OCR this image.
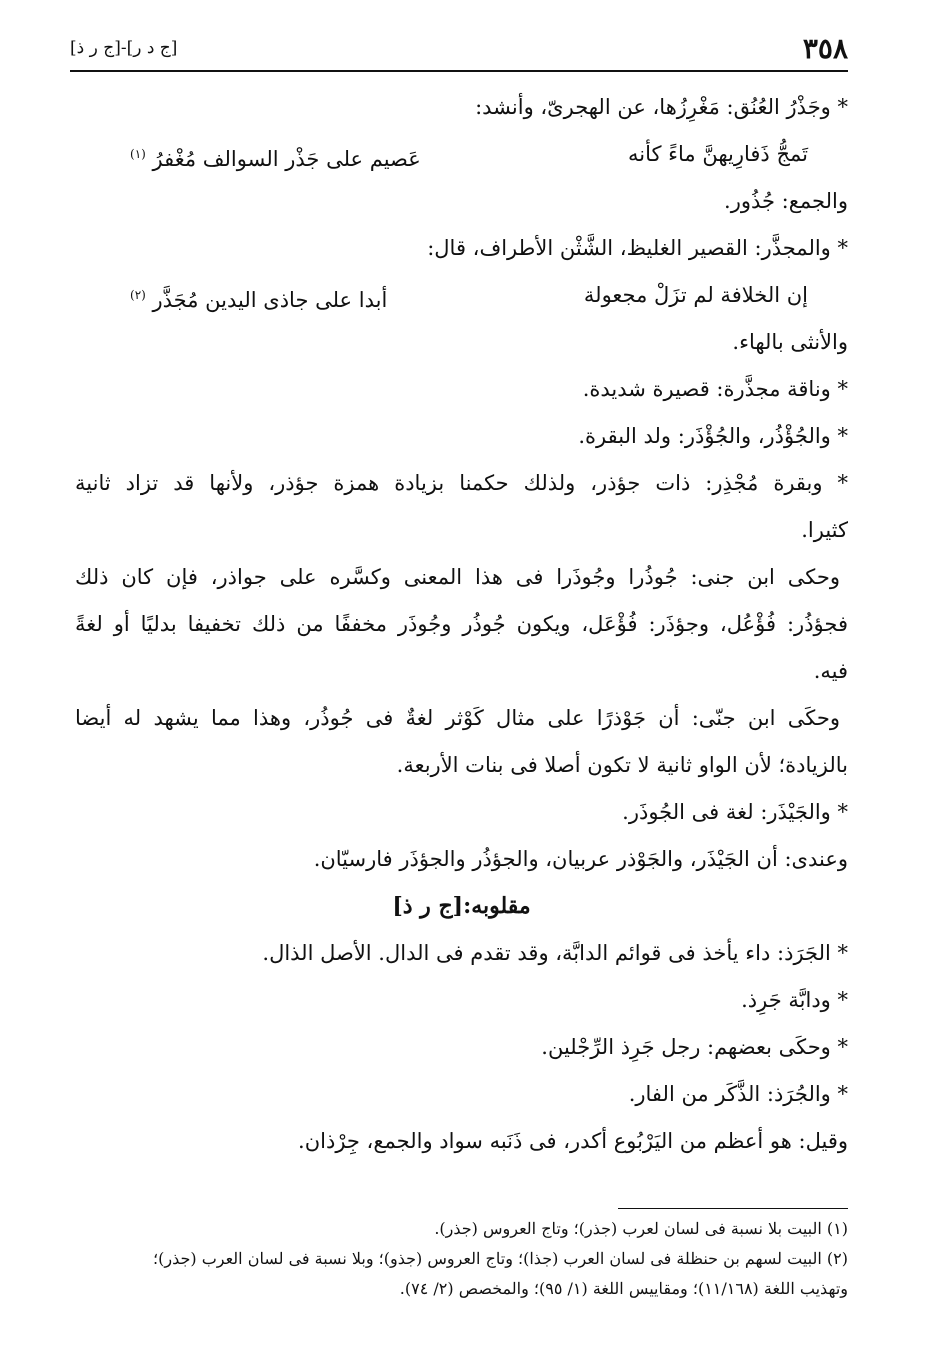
٣٥٨
[ج د ر]-[ج ر ذ]
* وجَذْرُ العُنُق: مَغْرِزُها، عن الهجرىّ، وأنشد:
تَمجُّ ذَفارِيهنَّ ماءً كأنه
عَصيم على جَذْر السوالف مُغْفرُ $^{(١)}$
والجمع: جُذُور.
* والمجذَّر: القصير الغليظ، الشَّثْن الأطراف، قال:
إن الخلافة لم تزَلْ مجعولة
أبدا على جاذى اليدين مُجَذَّر $^{(٢)}$
والأنثى بالهاء.
* وناقة مجذَّرة: قصيرة شديدة.
* والجُؤْذُر، والجُؤْذَر: ولد البقرة.
* وبقرة مُجْذِر: ذات جؤذر، ولذلك حكمنا بزيادة همزة جؤذر، ولأنها قد تزاد ثانية
كثيرا.
وحكى ابن جنى: جُوذُرا وجُوذَرا فى هذا المعنى وكسَّره على جواذر، فإن كان ذلك
فجؤذُر: فُؤْعُل، وجؤذَر: فُؤْعَل، ويكون جُوذُر وجُوذَر مخففًا من ذلك تخفيفا بدليًا أو لغةً
فيه.
وحكَى ابن جنّى: أن جَوْذرًا على مثال كَوْثر لغةٌ فى جُوذُر، وهذا مما يشهد له أيضا
بالزيادة؛ لأن الواو ثانية لا تكون أصلا فى بنات الأربعة.
* والجَيْذَر: لغة فى الجُوذَر.
وعندى: أن الجَيْذَر، والجَوْذر عربيان، والجؤذُر والجؤذَر فارسيّان.
مقلوبه:[ج ر ذ]
* الجَرَذ: داء يأخذ فى قوائم الدابَّة، وقد تقدم فى الدال. الأصل الذال.
* ودابَّة جَرِذ.
* وحكَى بعضهم: رجل جَرِذ الرِّجْلين.
* والجُرَذ: الذَّكَر من الفار.
وقيل: هو أعظم من اليَرْبُوع أكدر، فى ذَنَبه سواد والجمع، جِرْذان.
(١) البيت بلا نسبة فى لسان لعرب (جذر)؛ وتاج العروس (جذر).
(٢) البيت لسهم بن حنظلة فى لسان العرب (جذا)؛ وتاج العروس (جذو)؛ وبلا نسبة فى لسان العرب (جذر)؛
وتهذيب اللغة (١١/١٦٨)؛ ومقاييس اللغة (١/ ٩٥)؛ والمخصص (٢/ ٧٤).
